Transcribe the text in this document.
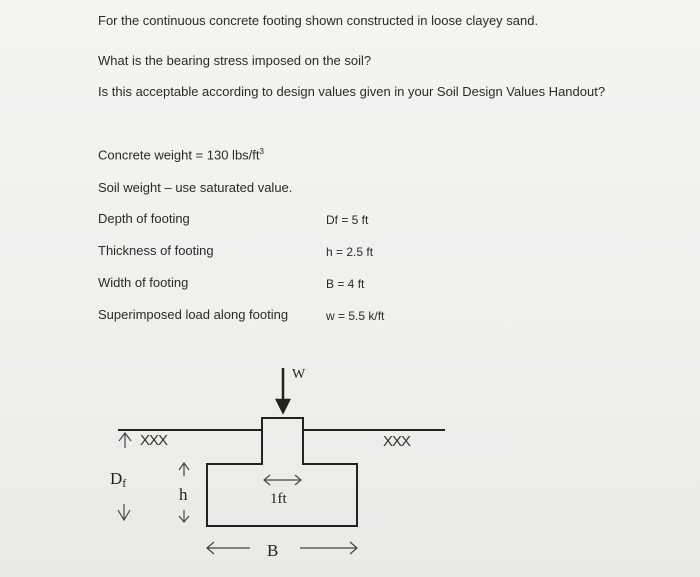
For the continuous concrete footing shown constructed in loose clayey sand.
What is the bearing stress imposed on the soil?
Is this acceptable according to design values given in your Soil Design Values Handout?
Concrete weight = 130 lbs/$ft^3$
Soil weight – use saturated value.
Depth of footing	Df = 5 ft
Thickness of footing	h = 2.5 ft
Width of footing	B = 4 ft
Superimposed load along footing	w = 5.5 k/ft
W
Df
h	1ft
B
XXX	XXX
